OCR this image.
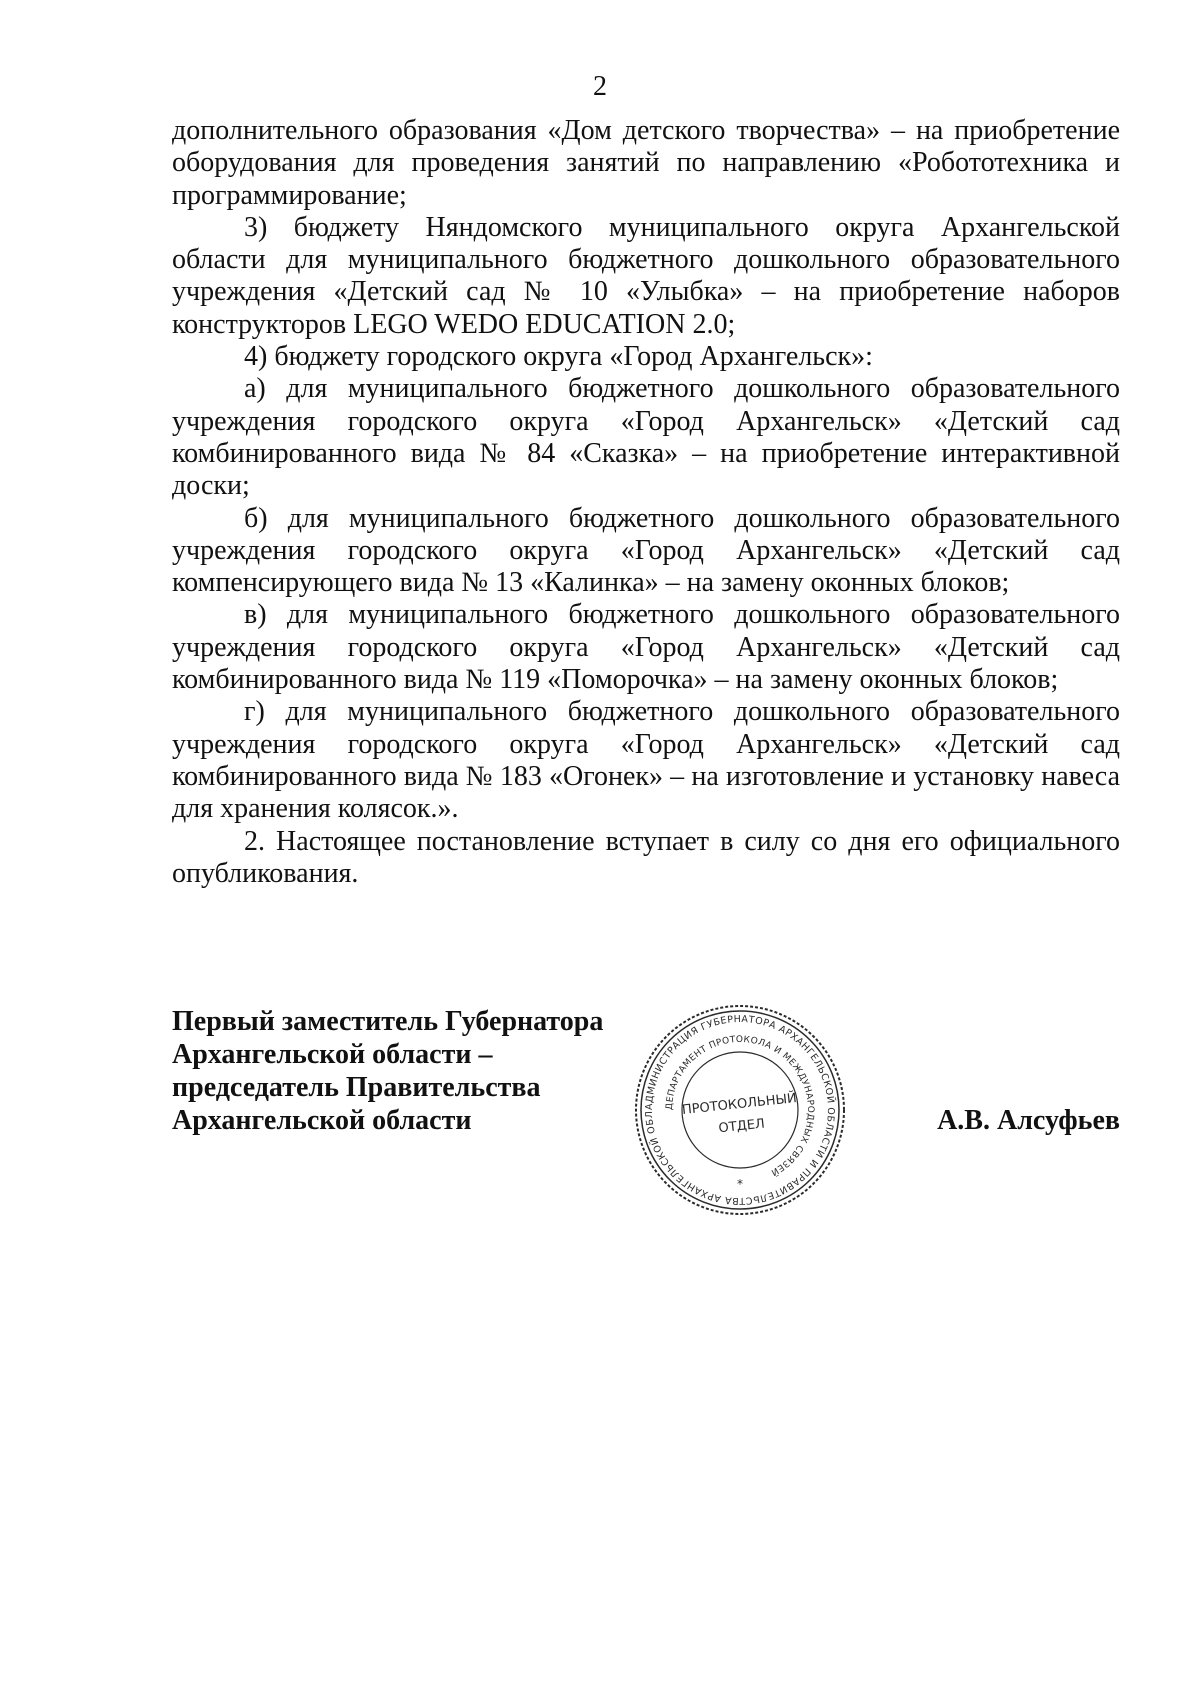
2

дополнительного образования «Дом детского творчества» – на приобретение оборудования для проведения занятий по направлению «Робототехника и программирование;

3) бюджету Няндомского муниципального округа Архангельской области для муниципального бюджетного дошкольного образовательного учреждения «Детский сад № 10 «Улыбка» – на приобретение наборов конструкторов LEGO WEDO EDUCATION 2.0;

4) бюджету городского округа «Город Архангельск»:

а) для муниципального бюджетного дошкольного образовательного учреждения городского округа «Город Архангельск» «Детский сад комбинированного вида № 84 «Сказка» – на приобретение интерактивной доски;

б) для муниципального бюджетного дошкольного образовательного учреждения городского округа «Город Архангельск» «Детский сад компенсирующего вида № 13 «Калинка» – на замену оконных блоков;

в) для муниципального бюджетного дошкольного образовательного учреждения городского округа «Город Архангельск» «Детский сад комбинированного вида № 119 «Поморочка» – на замену оконных блоков;

г) для муниципального бюджетного дошкольного образовательного учреждения городского округа «Город Архангельск» «Детский сад комбинированного вида № 183 «Огонек» – на изготовление и установку навеса для хранения колясок.».

2. Настоящее постановление вступает в силу со дня его официального опубликования.

Первый заместитель Губернатора
Архангельской области –
председатель Правительства
Архангельской области	АДМИНИСТРАЦИЯ ГУБЕРНАТОРА АРХАНГЕЛЬСКОЙ ОБЛАСТИ И ПРАВИТЕЛЬСТВА АРХАНГЕЛЬСКОЙ ОБЛ
ДЕПАРТАМЕНТ ПРОТОКОЛА И МЕЖДУНАРОДНЫХ СВЯЗЕЙ
ПРОТОКОЛЬНЫЙ
ОТДЕЛ
*
А.В. Алсуфьев
